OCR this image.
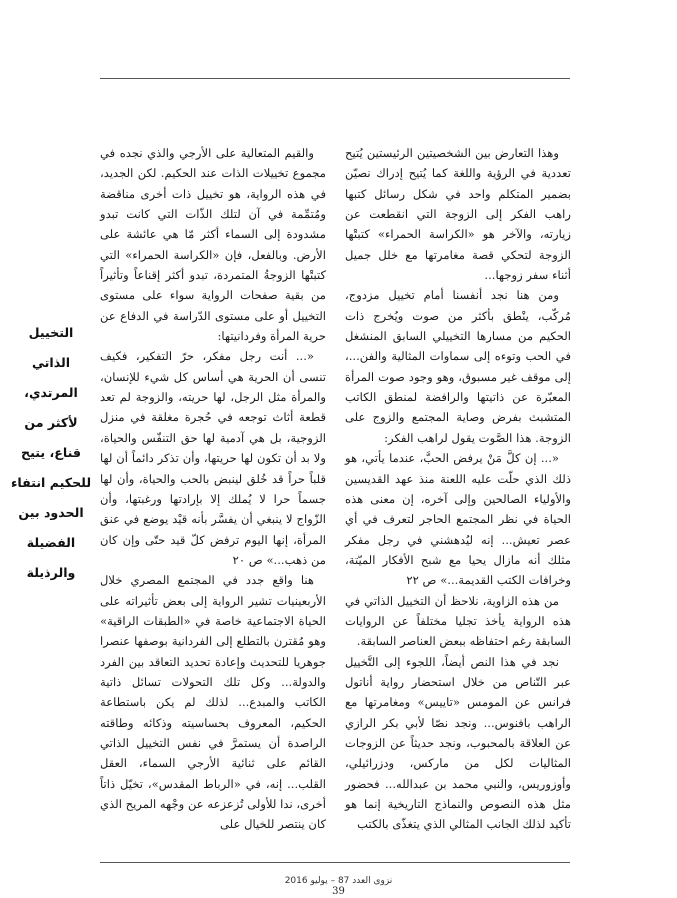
وهذا التعارض بين الشخصيتين الرئيستين يُتيح تعددية في الرؤية واللغة كما يُتيح إدراك نصيّن بضمير المتكلم واحد في شكل رسائل كتبها راهب الفكر إلى الزوجة التي انقطعت عن زيارته، والآخر هو «الكراسة الحمراء» كتبتْها الزوجة لتحكي قصة مغامرتها مع خلل جميل أثناء سفر زوجها...

ومن هنا نجد أنفسنا أمام تخييل مزدوج، مُركّب، ينْطق بأكثر من صوت ويُخرج ذات الحكيم من مسارها التخييلي السابق المنشغل في الحب وتوءه إلى سماوات المثالية والفن...، إلى موقف غير مسبوق، وهو وجود صوت المرأة المعبّرة عن ذاتيتها والرافضة لمنطق الكاتب المتشبث بفرض وصاية المجتمع والزوج على الزوجة. هذا الصَّوت يقول لراهب الفكر:

«... إن كلَّ مَنْ يرفض الحبَّ، عندما يأتي، هو ذلك الذي حلّت عليه اللعنة منذ عهد القديسين والأولياء الصالحين وإلى آخره، إن معنى هذه الحياة في نظر المجتمع الحاجر لتعرف في أي عصر تعيش... إنه ليُدهشني في رجل مفكر مثلك أنه مازال يحيا مع شبح الأفكار الميّتة، وخرافات الكتب القديمة...» ص ٢٢

من هذه الزاوية، نلاحظ أن التخييل الذاتي في هذه الرواية يأخذ تجليا مختلفاً عن الروايات السابقة رغم احتفاظه ببعض العناصر السابقة.

نجد في هذا النص أيضاً، اللجوء إلى التَّخييل عبر التّناص من خلال استحضار رواية أناتول فرانس عن المومس «تاييس» ومغامرتها مع الراهب بافنوس... ونجد نصّا لأبي بكر الرازي عن العلاقة بالمحبوب، ونجد حديثاً عن الزوجات المثاليات لكل من ماركس، ودزرائيلي، وأوزوريس، والنبي محمد بن عبدالله... فحضور مثل هذه النصوص والنماذج التاريخية إنما هو تأكيد لذلك الجانب المثالي الذي يتغذّى بالكتب

والقيم المتعالية على الأرجي والذي نجده في مجموع تخييلات الذات عند الحكيم. لكن الجديد، في هذه الرواية، هو تخييل ذات أخرى مناقضة ومُتمِّمة في آن لتلك الذّات التي كانت تبدو مشدودة إلى السماء أكثر مّا هي عائشة على الأرض. وبالفعل، فإن «الكراسة الحمراء» التي كتبتْها الزوجةُ المتمردة، تبدو أكثر إقناعاً وتأثيراً من بقية صفحات الرواية سواء على مستوى التخييل أو على مستوى الدّراسة في الدفاع عن حرية المرأة وفردانيتها:

«... أنت رجل مفكر، حرّ التفكير، فكيف تنسى أن الحرية هي أساس كل شيء للإنسان، والمرأة مثل الرجل، لها حريته، والزوجة لم تعد قطعة أثاث توجعه في حُجرة مغلقة في منزل الزوجية، بل هي آدمية لها حق التنفّس والحياة، ولا بد أن تكون لها حريتها، وأن تذكر دائماً أن لها قلباً حراً قد خُلق لينبض بالحب والحياة، وأن لها جسماً حرا لا يُملك إلا بإرادتها ورغبتها، وأن الزّواج لا ينبغي أن يفسَّر بأنه قيْد يوضع في عنق المرأة، إنها اليوم ترفض كلّ قيد حتّى وإن كان من ذهب...» ص ٢٠

هنا واقع جدد في المجتمع المصري خلال الأربعينيات تشير الرواية إلى بعض تأثيراته على الحياة الاجتماعية خاصة في «الطبقات الراقية» وهو مُقترن بالتطلع إلى الفردانية بوصفها عنصرا جوهريا للتحديث وإعادة تحديد التعاقد بين الفرد والدولة... وكل تلك التحولات تسائل ذاتية الكاتب والمبدع... لذلك لم يكن باستطاعة الحكيم، المعروف بحساسيته وذكائه وطاقته الراصدة أن يستمرَّ في نفس التخييل الذاتي القائم على ثنائية الأرجي السماء، العقل القلب... إنه، في «الرباط المقدس»، تخيّل ذاتاً أخرى، ندا للأولى تُزعزعه عن وجْهه المريح الذي كان ينتصر للخيال على

التخييل الذاتي المرتدي، لأكثر من قناع، يتيح للحكيم انتفاء الحدود بين الفضيلة والرذيلة
نزوى العدد 87 – يوليو 2016
39
